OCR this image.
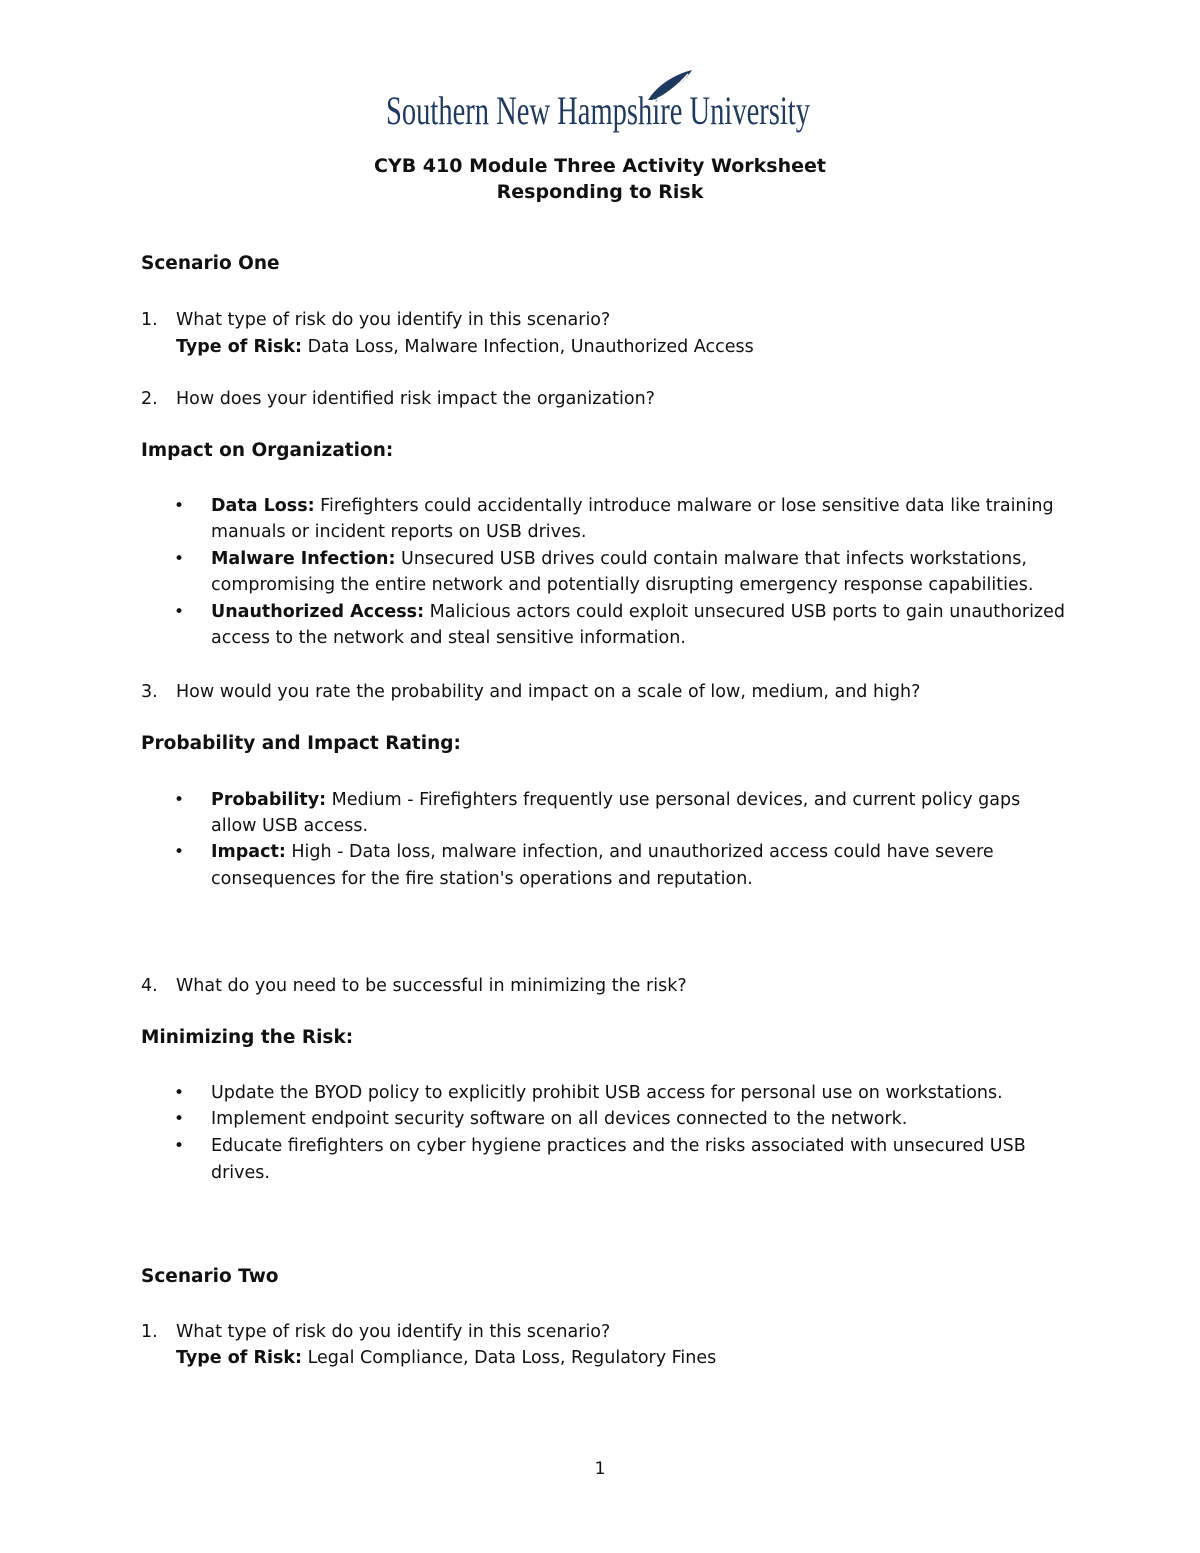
Southern New Hampshire University
CYB 410 Module Three Activity Worksheet
Responding to Risk
Scenario One
1. What type of risk do you identify in this scenario?
Type of Risk: Data Loss, Malware Infection, Unauthorized Access
2. How does your identified risk impact the organization?
Impact on Organization:
• Data Loss: Firefighters could accidentally introduce malware or lose sensitive data like training
manuals or incident reports on USB drives.
• Malware Infection: Unsecured USB drives could contain malware that infects workstations,
compromising the entire network and potentially disrupting emergency response capabilities.
• Unauthorized Access: Malicious actors could exploit unsecured USB ports to gain unauthorized
access to the network and steal sensitive information.
3. How would you rate the probability and impact on a scale of low, medium, and high?
Probability and Impact Rating:
• Probability: Medium - Firefighters frequently use personal devices, and current policy gaps
allow USB access.
• Impact: High - Data loss, malware infection, and unauthorized access could have severe
consequences for the fire station's operations and reputation.
4. What do you need to be successful in minimizing the risk?
Minimizing the Risk:
• Update the BYOD policy to explicitly prohibit USB access for personal use on workstations.
• Implement endpoint security software on all devices connected to the network.
• Educate firefighters on cyber hygiene practices and the risks associated with unsecured USB
drives.
Scenario Two
1. What type of risk do you identify in this scenario?
Type of Risk: Legal Compliance, Data Loss, Regulatory Fines
1
